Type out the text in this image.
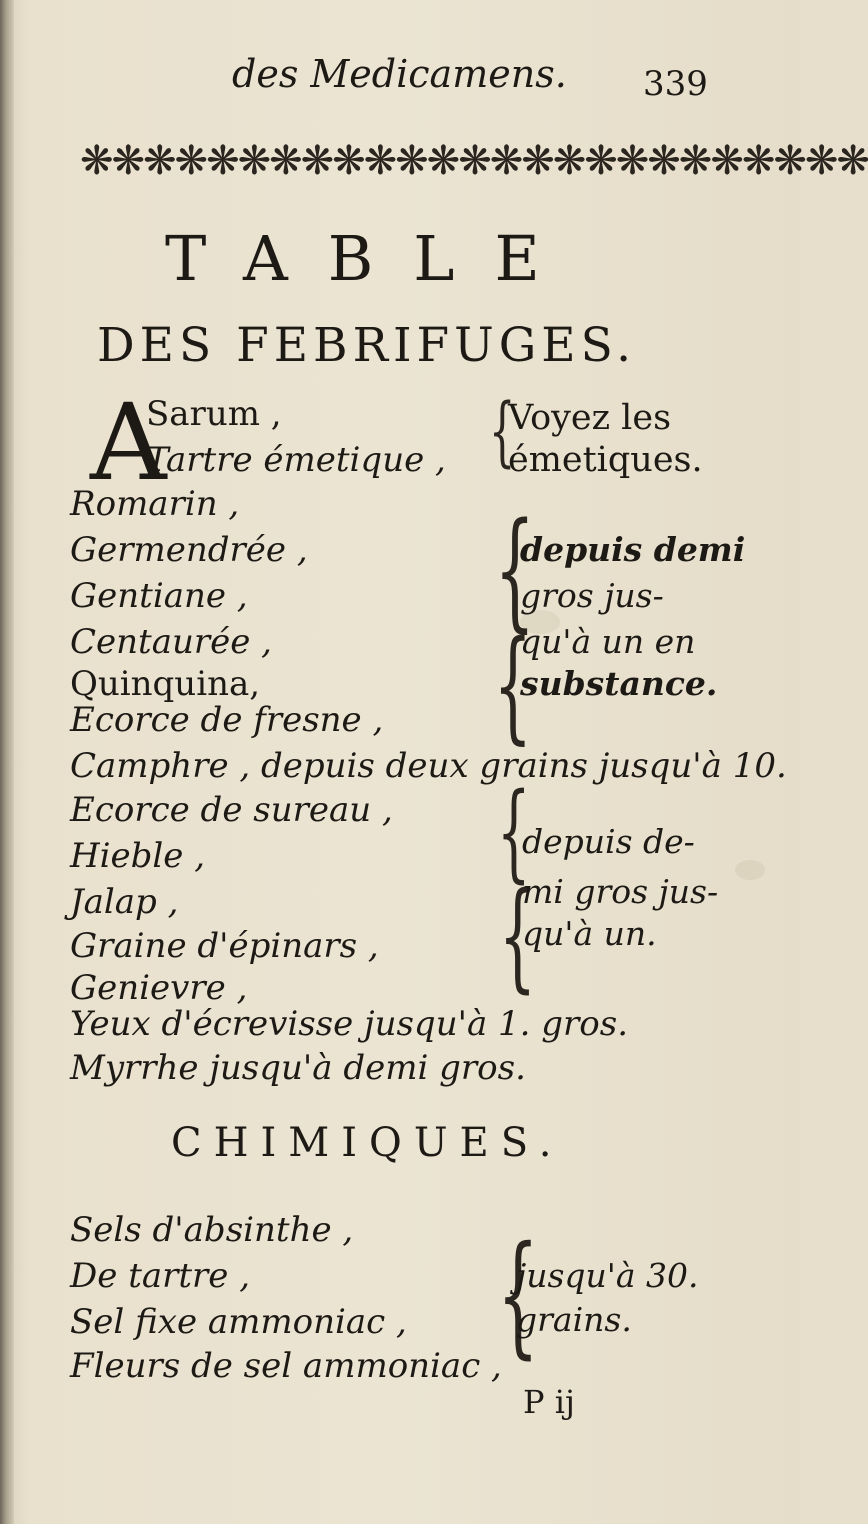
des Medicamens. 339
❋❋❋❋❋❋❋❋❋❋❋❋❋❋❋❋❋❋❋❋❋❋❋❋❋
TABLE
DES FEBRIFUGES.
A
Sarum ,
Tartre émetique , {
Voyez les
émetiques.
Romarin ,
Germendrée ,
Gentiane ,
Centaurée ,
Quinquina,
Ecorce de fresne ,
{
{
depuis demi
gros jus-
qu'à un en
substance.
Camphre , depuis deux grains jusqu'à 10.
Ecorce de sureau ,
Hieble ,
Jalap ,
Graine d'épinars ,
Genievre ,
{
{
depuis de-
mi gros jus-
qu'à un.
Yeux d'écrevisse jusqu'à 1. gros.
Myrrhe jusqu'à demi gros.
CHIMIQUES.
Sels d'absinthe ,
De tartre ,
Sel fixe ammoniac ,
Fleurs de sel ammoniac ,
{
jusqu'à 30.
grains.
P ij
